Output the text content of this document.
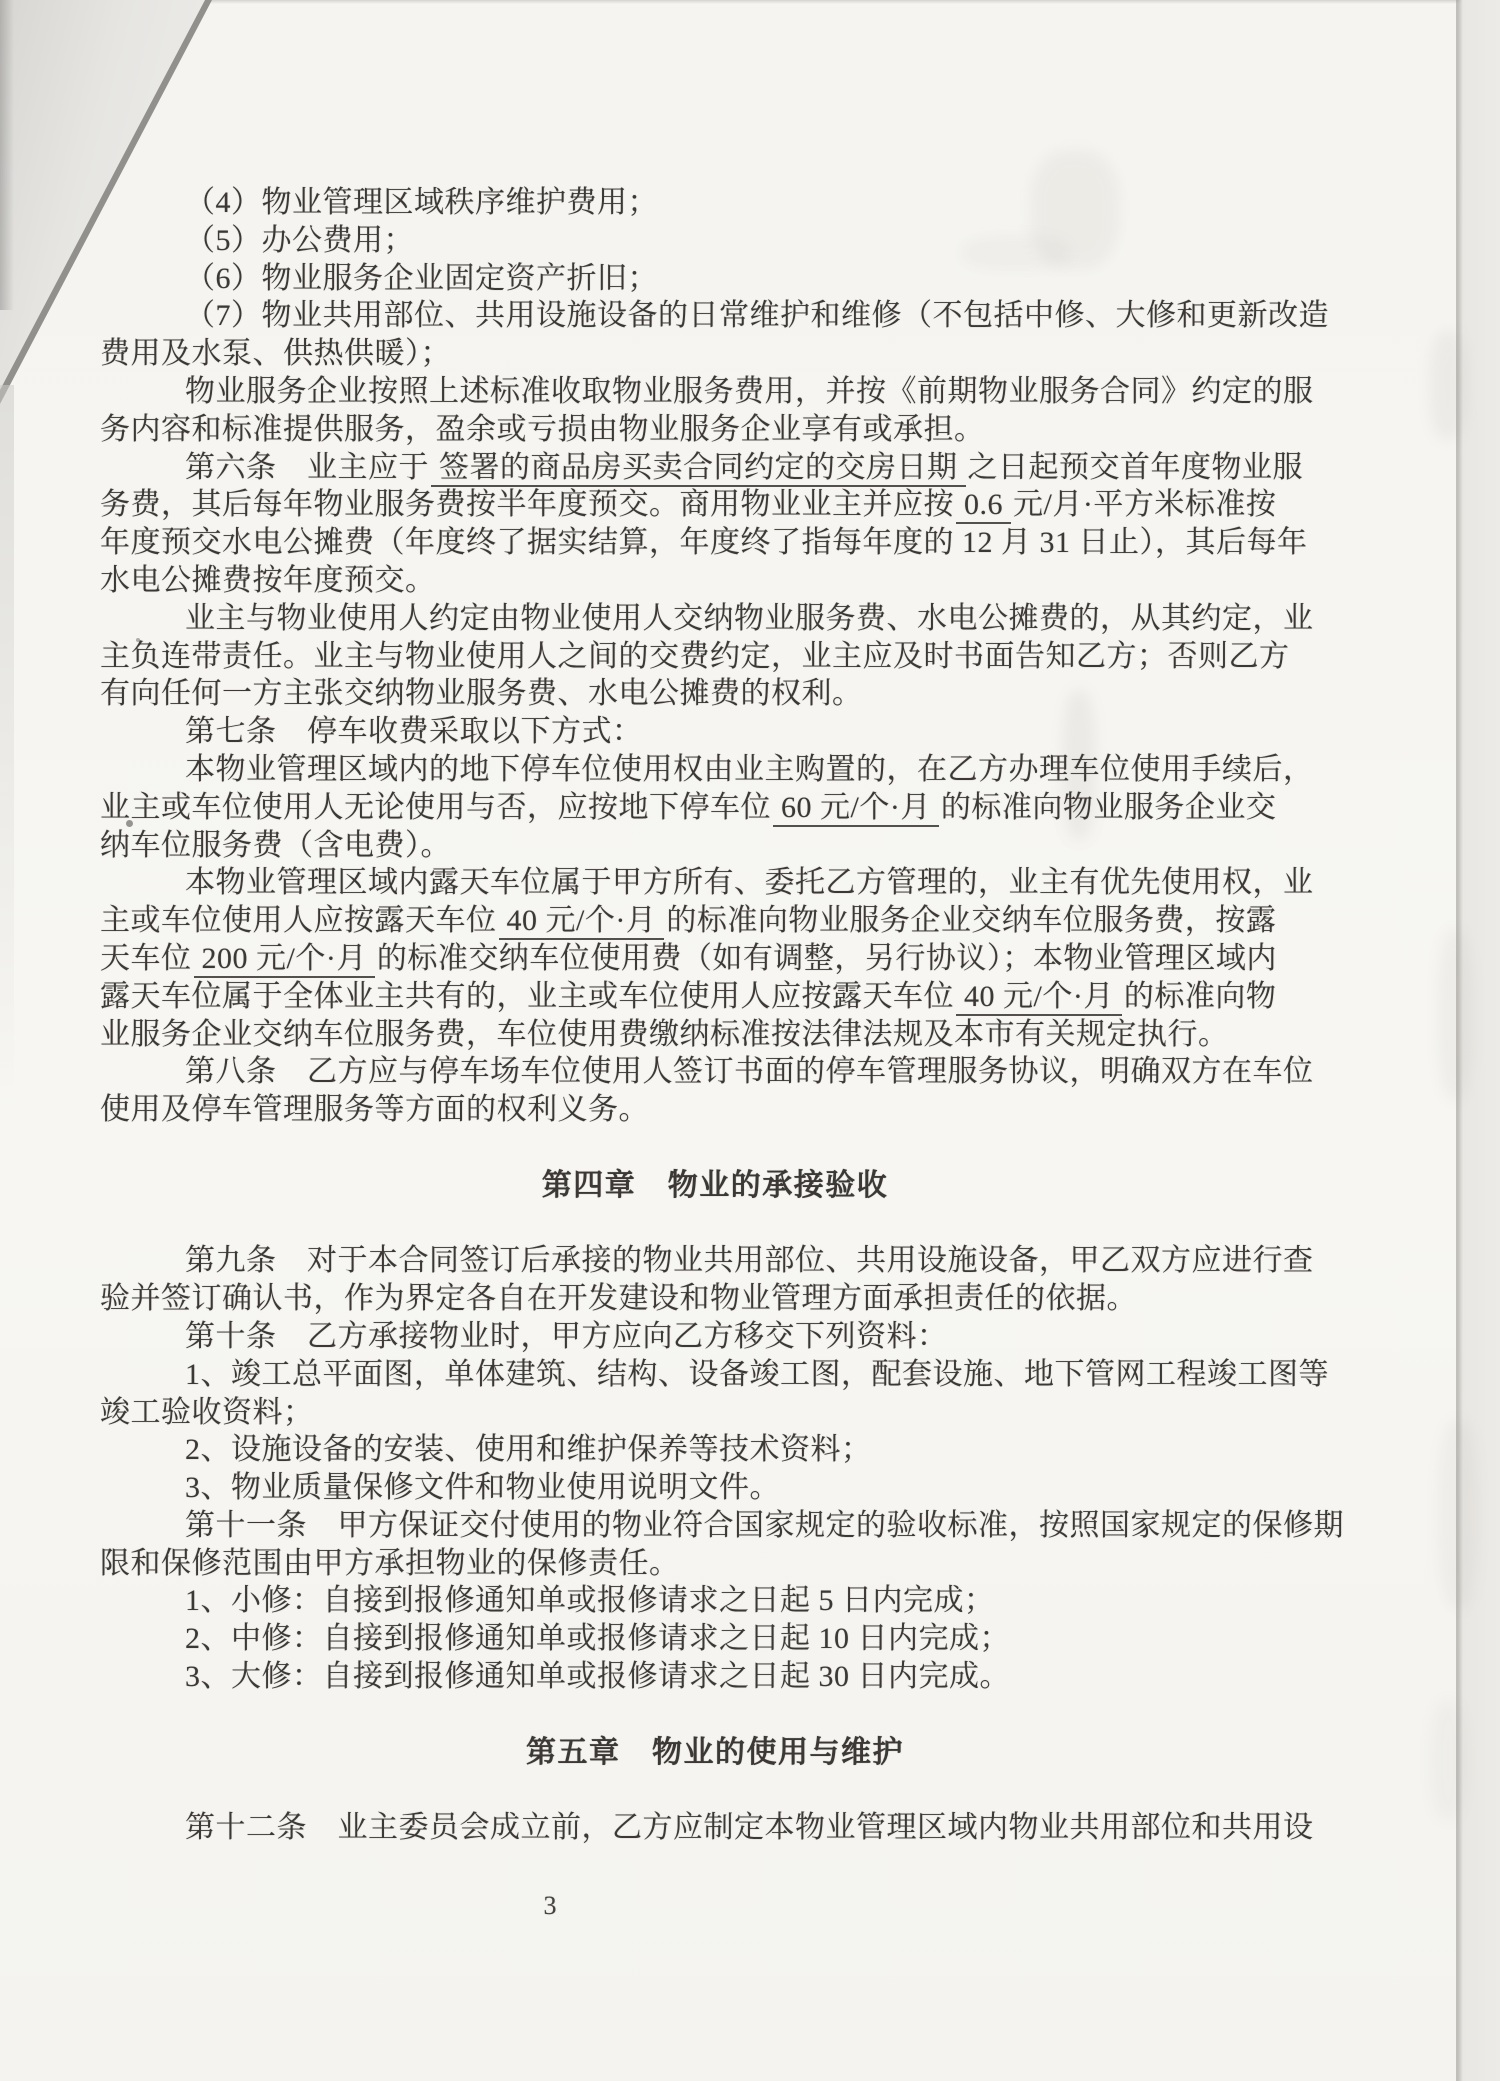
（4）物业管理区域秩序维护费用；
（5）办公费用；
（6）物业服务企业固定资产折旧；
（7）物业共用部位、共用设施设备的日常维护和维修（不包括中修、大修和更新改造
费用及水泵、供热供暖）；
物业服务企业按照上述标准收取物业服务费用，并按《前期物业服务合同》约定的服
务内容和标准提供服务，盈余或亏损由物业服务企业享有或承担。
第六条　业主应于 签署的商品房买卖合同约定的交房日期 之日起预交首年度物业服
务费，其后每年物业服务费按半年度预交。商用物业业主并应按 0.6 元/月·平方米标准按
年度预交水电公摊费（年度终了据实结算，年度终了指每年度的 12 月 31 日止），其后每年
水电公摊费按年度预交。
业主与物业使用人约定由物业使用人交纳物业服务费、水电公摊费的，从其约定，业
主负连带责任。业主与物业使用人之间的交费约定，业主应及时书面告知乙方；否则乙方
有向任何一方主张交纳物业服务费、水电公摊费的权利。
第七条　停车收费采取以下方式：
本物业管理区域内的地下停车位使用权由业主购置的，在乙方办理车位使用手续后，
业主或车位使用人无论使用与否，应按地下停车位 60 元/个·月 的标准向物业服务企业交
纳车位服务费（含电费）。
本物业管理区域内露天车位属于甲方所有、委托乙方管理的，业主有优先使用权，业
主或车位使用人应按露天车位 40 元/个·月 的标准向物业服务企业交纳车位服务费，按露
天车位 200 元/个·月 的标准交纳车位使用费（如有调整，另行协议）；本物业管理区域内
露天车位属于全体业主共有的，业主或车位使用人应按露天车位 40 元/个·月 的标准向物
业服务企业交纳车位服务费，车位使用费缴纳标准按法律法规及本市有关规定执行。
第八条　乙方应与停车场车位使用人签订书面的停车管理服务协议，明确双方在车位
使用及停车管理服务等方面的权利义务。
第四章　物业的承接验收
第九条　对于本合同签订后承接的物业共用部位、共用设施设备，甲乙双方应进行查
验并签订确认书，作为界定各自在开发建设和物业管理方面承担责任的依据。
第十条　乙方承接物业时，甲方应向乙方移交下列资料：
1、竣工总平面图，单体建筑、结构、设备竣工图，配套设施、地下管网工程竣工图等
竣工验收资料；
2、设施设备的安装、使用和维护保养等技术资料；
3、物业质量保修文件和物业使用说明文件。
第十一条　甲方保证交付使用的物业符合国家规定的验收标准，按照国家规定的保修期
限和保修范围由甲方承担物业的保修责任。
1、小修：自接到报修通知单或报修请求之日起 5 日内完成；
2、中修：自接到报修通知单或报修请求之日起 10 日内完成；
3、大修：自接到报修通知单或报修请求之日起 30 日内完成。
第五章　物业的使用与维护
第十二条　业主委员会成立前，乙方应制定本物业管理区域内物业共用部位和共用设
3
